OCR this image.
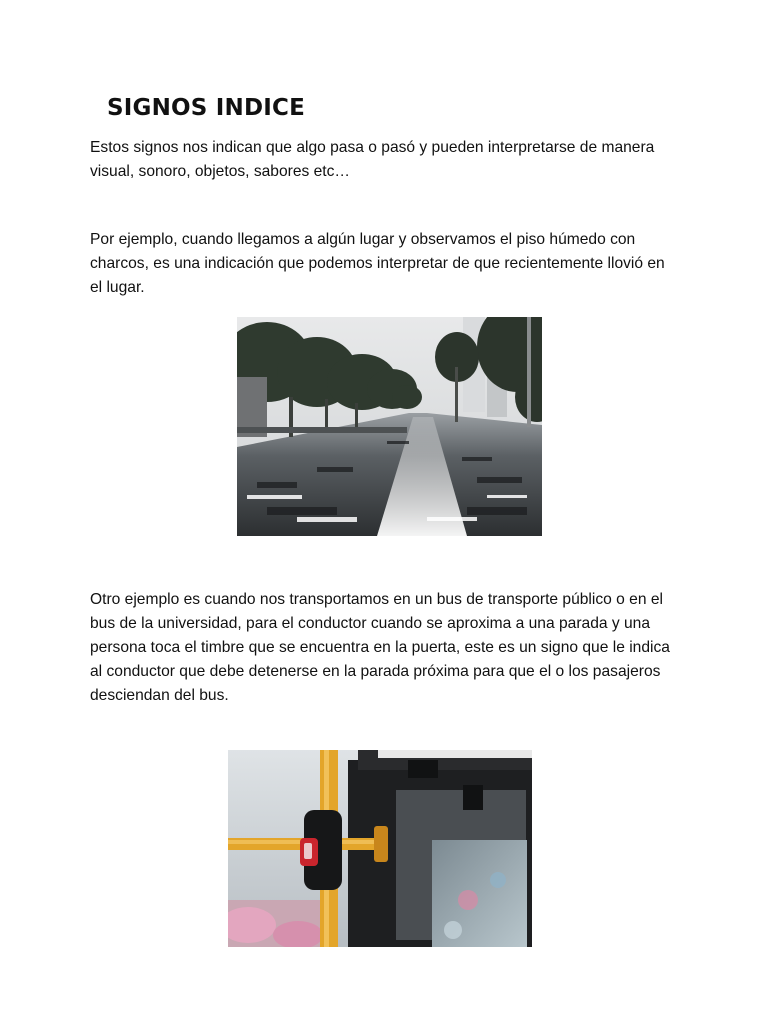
SIGNOS INDICE

Estos signos nos indican que algo pasa o pasó y pueden interpretarse de manera visual, sonoro, objetos, sabores etc…

Por ejemplo, cuando llegamos a algún lugar y observamos el piso húmedo con charcos, es una indicación que podemos interpretar de que recientemente llovió en el lugar.

Otro ejemplo es cuando nos transportamos en un bus de transporte público o en el bus de la universidad, para el conductor cuando se aproxima a una parada y una persona toca el timbre que se encuentra en la puerta, este es un signo que le indica al conductor que debe detenerse en la parada próxima para que el o los pasajeros desciendan del bus.
